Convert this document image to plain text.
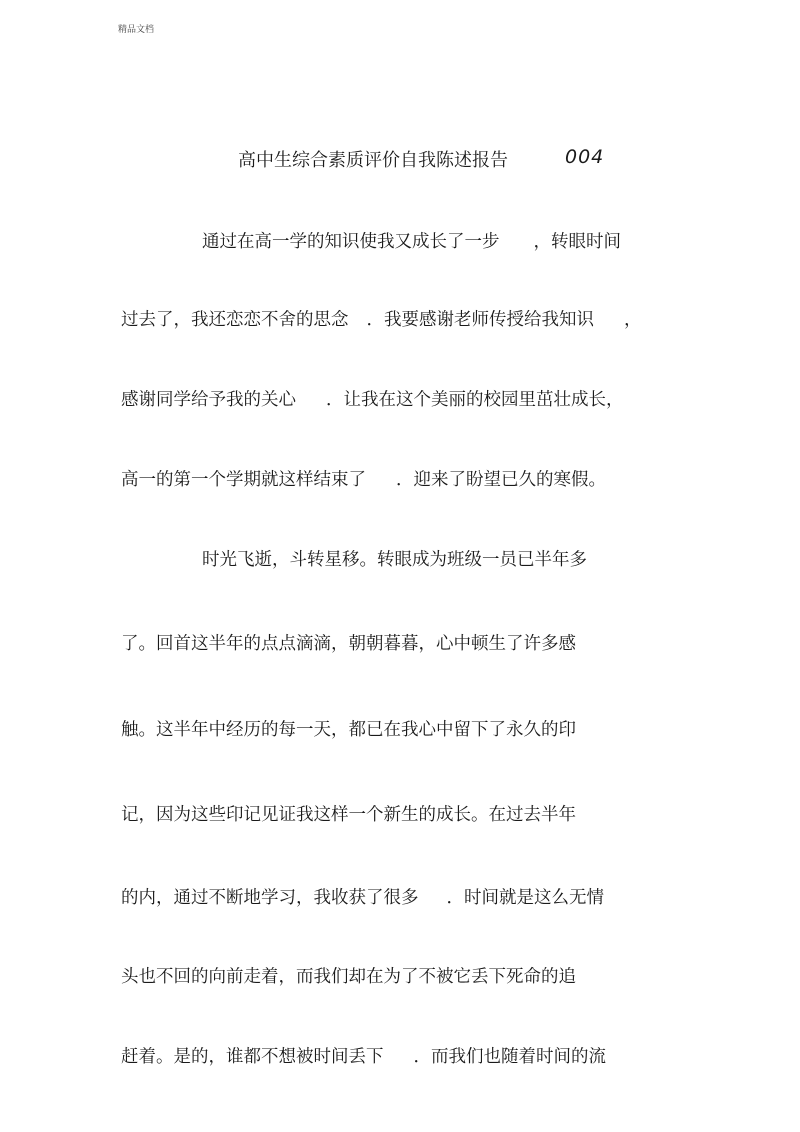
精品文档
高中生综合素质评价自我陈述报告	004
通过在高一学的知识使我又成长了一步 ，转眼时间
过去了，我还恋恋不舍的思念 ．我要感谢老师传授给我知识 ，
感谢同学给予我的关心 ．让我在这个美丽的校园里茁壮成长，
高一的第一个学期就这样结束了 ．迎来了盼望已久的寒假。
时光飞逝，斗转星移。转眼成为班级一员已半年多
了。回首这半年的点点滴滴，朝朝暮暮，心中顿生了许多感
触。这半年中经历的每一天，都已在我心中留下了永久的印
记，因为这些印记见证我这样一个新生的成长。在过去半年
的内，通过不断地学习，我收获了很多 ．时间就是这么无情
头也不回的向前走着，而我们却在为了不被它丢下死命的追
赶着。是的，谁都不想被时间丢下 ．而我们也随着时间的流
